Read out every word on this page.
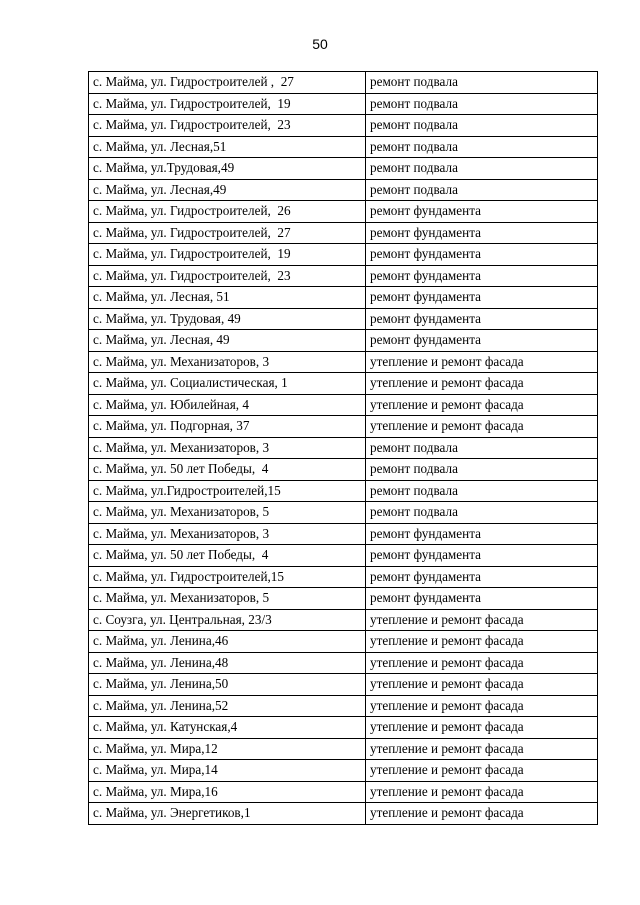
50
с. Майма, ул. Гидростроителей ,  27	ремонт подвала
с. Майма, ул. Гидростроителей,  19	ремонт подвала
с. Майма, ул. Гидростроителей,  23	ремонт подвала
с. Майма, ул. Лесная,51	ремонт подвала
с. Майма, ул.Трудовая,49	ремонт подвала
с. Майма, ул. Лесная,49	ремонт подвала
с. Майма, ул. Гидростроителей,  26	ремонт фундамента
с. Майма, ул. Гидростроителей,  27	ремонт фундамента
с. Майма, ул. Гидростроителей,  19	ремонт фундамента
с. Майма, ул. Гидростроителей,  23	ремонт фундамента
с. Майма, ул. Лесная, 51	ремонт фундамента
с. Майма, ул. Трудовая, 49	ремонт фундамента
с. Майма, ул. Лесная, 49	ремонт фундамента
с. Майма, ул. Механизаторов, 3	утепление и ремонт фасада
с. Майма, ул. Социалистическая, 1	утепление и ремонт фасада
с. Майма, ул. Юбилейная, 4	утепление и ремонт фасада
с. Майма, ул. Подгорная, 37	утепление и ремонт фасада
с. Майма, ул. Механизаторов, 3	ремонт подвала
с. Майма, ул. 50 лет Победы,  4	ремонт подвала
с. Майма, ул.Гидростроителей,15	ремонт подвала
с. Майма, ул. Механизаторов, 5	ремонт подвала
с. Майма, ул. Механизаторов, 3	ремонт фундамента
с. Майма, ул. 50 лет Победы,  4	ремонт фундамента
с. Майма, ул. Гидростроителей,15	ремонт фундамента
с. Майма, ул. Механизаторов, 5	ремонт фундамента
с. Соузга, ул. Центральная, 23/3	утепление и ремонт фасада
с. Майма, ул. Ленина,46	утепление и ремонт фасада
с. Майма, ул. Ленина,48	утепление и ремонт фасада
с. Майма, ул. Ленина,50	утепление и ремонт фасада
с. Майма, ул. Ленина,52	утепление и ремонт фасада
с. Майма, ул. Катунская,4	утепление и ремонт фасада
с. Майма, ул. Мира,12	утепление и ремонт фасада
с. Майма, ул. Мира,14	утепление и ремонт фасада
с. Майма, ул. Мира,16	утепление и ремонт фасада
с. Майма, ул. Энергетиков,1	утепление и ремонт фасада
